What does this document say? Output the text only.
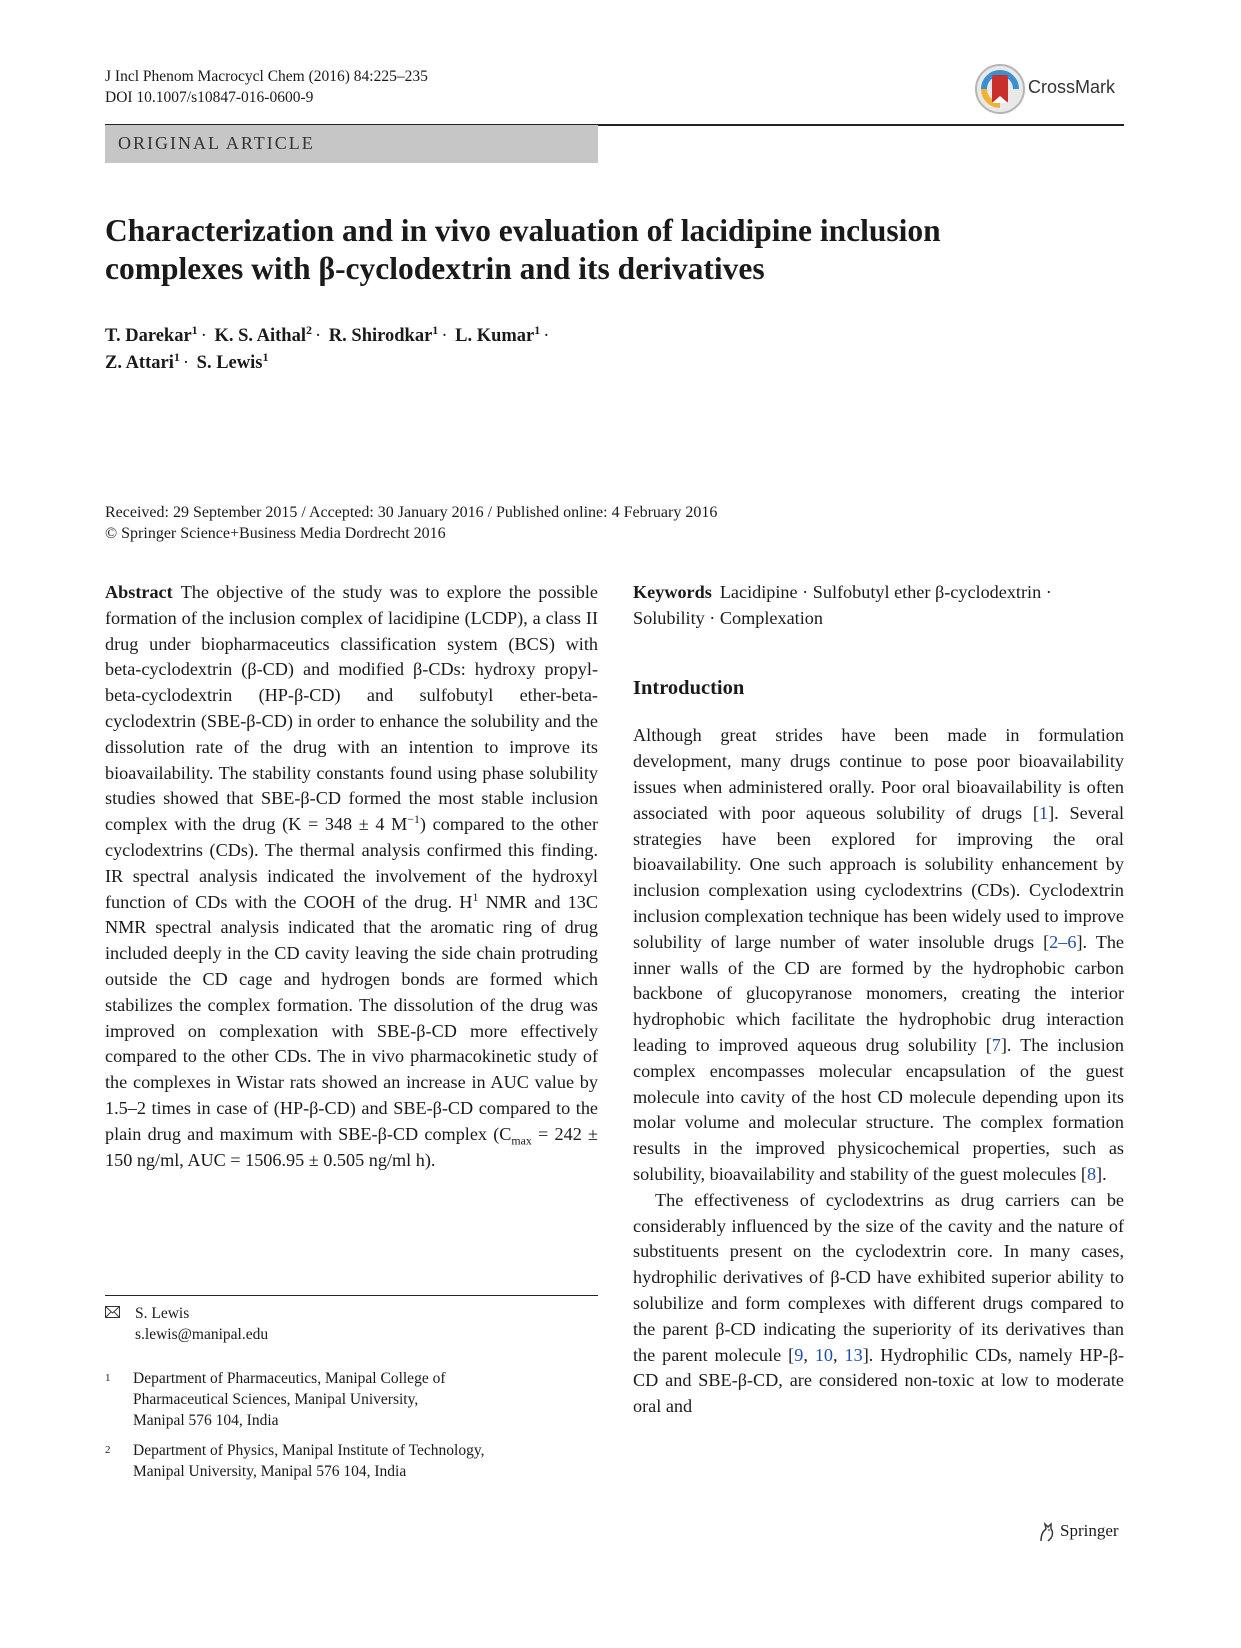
J Incl Phenom Macrocycl Chem (2016) 84:225–235
DOI 10.1007/s10847-016-0600-9
CrossMark
ORIGINAL ARTICLE
Characterization and in vivo evaluation of lacidipine inclusion
complexes with β-cyclodextrin and its derivatives
T. Darekar$^1$ · K. S. Aithal$^2$ · R. Shirodkar$^1$ · L. Kumar$^1$ ·
Z. Attari$^1$ · S. Lewis$^1$
Received: 29 September 2015 / Accepted: 30 January 2016 / Published online: 4 February 2016
© Springer Science+Business Media Dordrecht 2016

Abstract The objective of the study was to explore the possible formation of the inclusion complex of lacidipine (LCDP), a class II drug under biopharmaceutics classification system (BCS) with beta-cyclodextrin (β-CD) and modified β-CDs: hydroxy propyl- beta-cyclodextrin (HP-β-CD) and sulfobutyl ether-beta-cyclodextrin (SBE-β-CD) in order to enhance the solubility and the dissolution rate of the drug with an intention to improve its bioavailability. The stability constants found using phase solubility studies showed that SBE-β-CD formed the most stable inclusion complex with the drug (K = 348 ± 4 $M^{-1}$) compared to the other cyclodextrins (CDs). The thermal analysis confirmed this finding. IR spectral analysis indicated the involvement of the hydroxyl function of CDs with the COOH of the drug. $H^1$ NMR and 13C NMR spectral analysis indicated that the aromatic ring of drug included deeply in the CD cavity leaving the side chain protruding outside the CD cage and hydrogen bonds are formed which stabilizes the complex formation. The dissolution of the drug was improved on complexation with SBE-β-CD more effectively compared to the other CDs. The in vivo pharmacokinetic study of the complexes in Wistar rats showed an increase in AUC value by 1.5–2 times in case of (HP-β-CD) and SBE-β-CD compared to the plain drug and maximum with SBE-β-CD complex ($C_{max} = 242 \pm 150$ ng/ml, AUC = 1506.95 ± 0.505 ng/ml h).

S. Lewis
s.lewis@manipal.edu
1 Department of Pharmaceutics, Manipal College of
Pharmaceutical Sciences, Manipal University,
Manipal 576 104, India
2 Department of Physics, Manipal Institute of Technology,
Manipal University, Manipal 576 104, India

Keywords Lacidipine · Sulfobutyl ether β-cyclodextrin · Solubility · Complexation

Introduction

Although great strides have been made in formulation development, many drugs continue to pose poor bioavailability issues when administered orally. Poor oral bioavailability is often associated with poor aqueous solubility of drugs [1]. Several strategies have been explored for improving the oral bioavailability. One such approach is solubility enhancement by inclusion complexation using cyclodextrins (CDs). Cyclodextrin inclusion complexation technique has been widely used to improve solubility of large number of water insoluble drugs [2–6]. The inner walls of the CD are formed by the hydrophobic carbon backbone of glucopyranose monomers, creating the interior hydrophobic which facilitate the hydrophobic drug interaction leading to improved aqueous drug solubility [7]. The inclusion complex encompasses molecular encapsulation of the guest molecule into cavity of the host CD molecule depending upon its molar volume and molecular structure. The complex formation results in the improved physicochemical properties, such as solubility, bioavailability and stability of the guest molecules [8].

The effectiveness of cyclodextrins as drug carriers can be considerably influenced by the size of the cavity and the nature of substituents present on the cyclodextrin core. In many cases, hydrophilic derivatives of β-CD have exhibited superior ability to solubilize and form complexes with different drugs compared to the parent β-CD indicating the superiority of its derivatives than the parent molecule [9, 10, 13]. Hydrophilic CDs, namely HP-β-CD and SBE-β-CD, are considered non-toxic at low to moderate oral and

Springer
